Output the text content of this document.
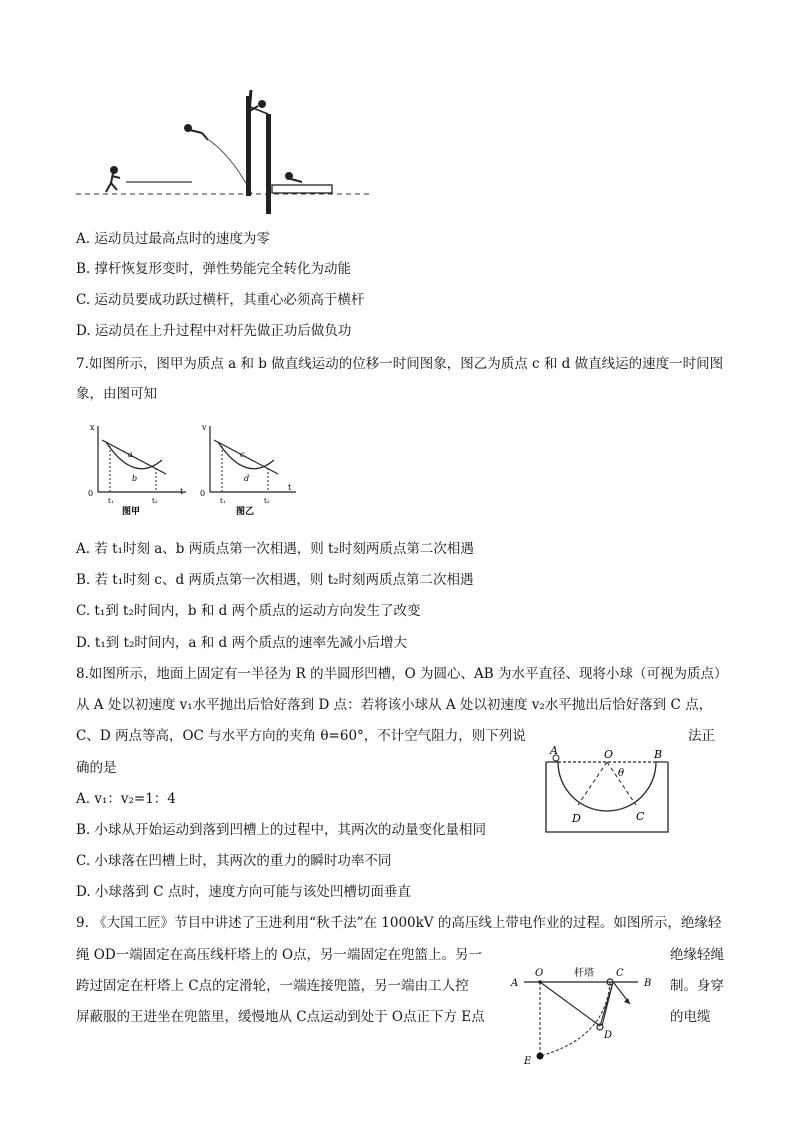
A. 运动员过最高点时的速度为零
B. 撑杆恢复形变时，弹性势能完全转化为动能
C. 运动员要成功跃过横杆，其重心必须高于横杆
D. 运动员在上升过程中对杆先做正功后做负功
7.如图所示，图甲为质点 a 和 b 做直线运动的位移一时间图象，图乙为质点 c 和 d 做直线运的速度一时间图
象，由图可知
x
0
t₁	t₂
t
a
b
图甲
v
0
t₁	t₂
t
c
d
图乙
A. 若 t₁时刻 a、b 两质点第一次相遇，则 t₂时刻两质点第二次相遇
B. 若 t₁时刻 c、d 两质点第一次相遇，则 t₂时刻两质点第二次相遇
C. t₁到 t₂时间内，b 和 d 两个质点的运动方向发生了改变
D. t₁到 t₂时间内，a 和 d 两个质点的速率先减小后增大
8.如图所示，地面上固定有一半径为 R 的半圆形凹槽，O 为圆心、AB 为水平直径、现将小球（可视为质点）
从 A 处以初速度 v₁水平抛出后恰好落到 D 点：若将该小球从 A 处以初速度 v₂水平抛出后恰好落到 C 点，
C、D 两点等高，OC 与水平方向的夹角 θ=60°，不计空气阻力，则下列说	法正
确的是
A	O	B
θ
D	C
A. v₁：v₂=1：4
B. 小球从开始运动到落到凹槽上的过程中，其两次的动量变化量相同
C. 小球落在凹槽上时，其两次的重力的瞬时功率不同
D. 小球落到 C 点时，速度方向可能与该处凹槽切面垂直
9. 《大国工匠》节目中讲述了王进利用“秋千法”在 1000kV 的高压线上带电作业的过程。如图所示，绝缘轻
绳 OD一端固定在高压线杆塔上的 O点，另一端固定在兜篮上。另一	绝缘轻绳
跨过固定在杆塔上 C点的定滑轮，一端连接兜篮，另一端由工人控	制。身穿
屏蔽服的王进坐在兜篮里，缓慢地从 C点运动到处于 O点正下方 E点	的电缆
杆塔
A
O	C
B
D
E
